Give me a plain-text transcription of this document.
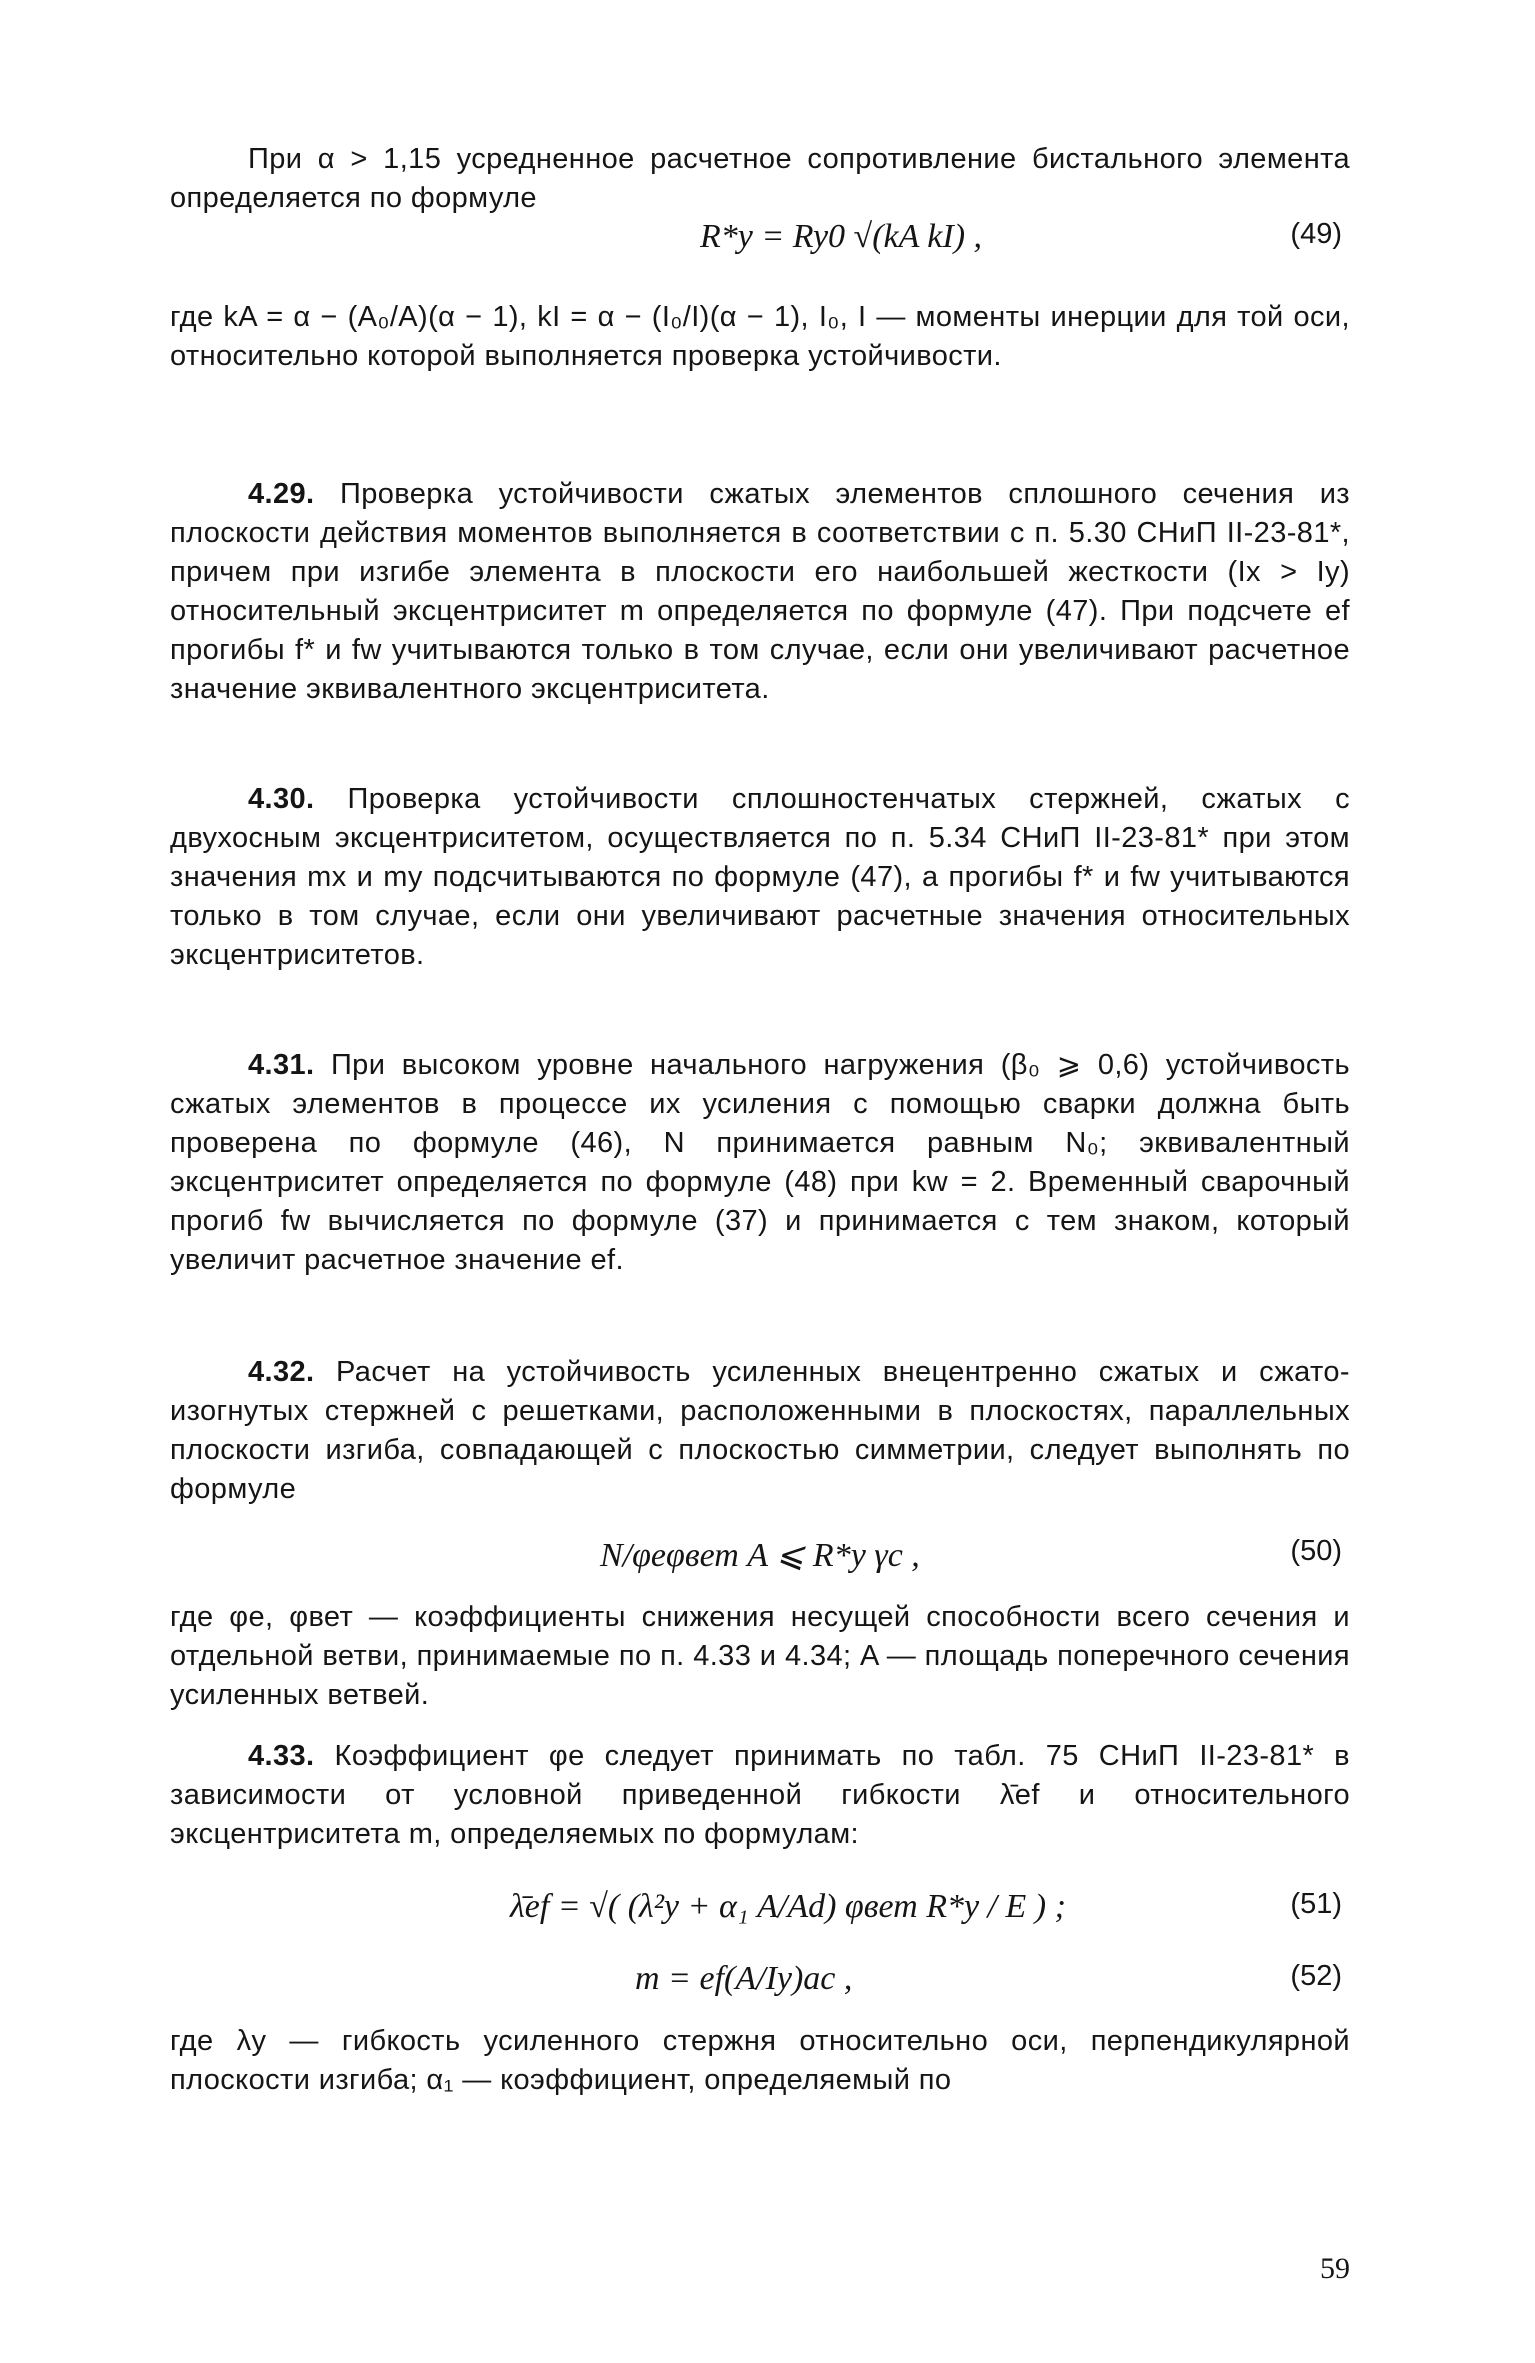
При α > 1,15 усредненное расчетное сопротивление биcтального элемента определяется по формуле

R*y = Ry0 √(kA kI) ,	(49)

где kA = α − (A₀/A)(α − 1), kI = α − (I₀/I)(α − 1), I₀, I — моменты инерции для той оси, относительно которой выполняется проверка устойчивости.

4.29. Проверка устойчивости сжатых элементов сплошного сечения из плоскости действия моментов выполняется в соответствии с п. 5.30 СНиП II-23-81*, причем при изгибе элемента в плоскости его наибольшей жесткости (Ix > Iy) относительный эксцентриситет m определяется по формуле (47). При подсчете ef прогибы f* и fw учитываются только в том случае, если они увеличивают расчетное значение эквивалентного эксцентриситета.

4.30. Проверка устойчивости сплошностенчатых стержней, сжатых с двухосным эксцентриситетом, осуществляется по п. 5.34 СНиП II-23-81* при этом значения mx и my подсчитываются по формуле (47), а прогибы f* и fw учитываются только в том случае, если они увеличивают расчетные значения относительных эксцентриситетов.

4.31. При высоком уровне начального нагружения (β₀ ⩾ 0,6) устойчивость сжатых элементов в процессе их усиления с помощью сварки должна быть проверена по формуле (46), N принимается равным N₀; эквивалентный эксцентриситет определяется по формуле (48) при kw = 2. Временный сварочный прогиб fw вычисляется по формуле (37) и принимается с тем знаком, который увеличит расчетное значение ef.

4.32. Расчет на устойчивость усиленных внецентренно сжатых и сжато-изогнутых стержней с решетками, расположенными в плоскостях, параллельных плоскости изгиба, совпадающей с плоскостью симметрии, следует выполнять по формуле

N/φeφвет A ⩽ R*y γc ,	(50)

где φe, φвет — коэффициенты снижения несущей способности всего сечения и отдельной ветви, принимаемые по п. 4.33 и 4.34; A — площадь поперечного сечения усиленных ветвей.

4.33. Коэффициент φe следует принимать по табл. 75 СНиП II-23-81* в зависимости от условной приведенной гибкости λ̄ef и относительного эксцентриситета m, определяемых по формулам:

λ̄ef = √( (λ²y + α₁ A/Ad) φвет R*y / E ) ;	(51)
m = ef(A/Iy)ac ,	(52)

где λy — гибкость усиленного стержня относительно оси, перпендикулярной плоскости изгиба; α₁ — коэффициент, определяемый по

59
